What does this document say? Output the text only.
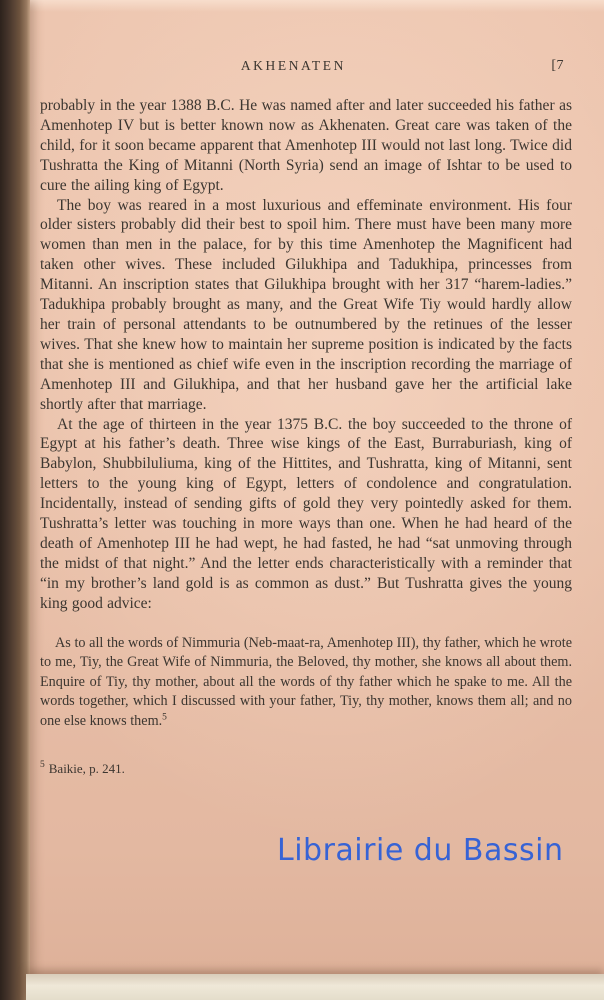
AKHENATEN	[7

probably in the year 1388 B.C. He was named after and later succeeded his father as Amenhotep IV but is better known now as Akhenaten. Great care was taken of the child, for it soon became apparent that Amenhotep III would not last long. Twice did Tushratta the King of Mitanni (North Syria) send an image of Ishtar to be used to cure the ailing king of Egypt.

The boy was reared in a most luxurious and effeminate environment. His four older sisters probably did their best to spoil him. There must have been many more women than men in the palace, for by this time Amenhotep the Magnificent had taken other wives. These included Gilukhipa and Tadukhipa, princesses from Mitanni. An inscription states that Gilukhipa brought with her 317 “harem-ladies.” Tadukhipa probably brought as many, and the Great Wife Tiy would hardly allow her train of personal attendants to be outnumbered by the retinues of the lesser wives. That she knew how to maintain her supreme position is indicated by the facts that she is mentioned as chief wife even in the inscription recording the marriage of Amenhotep III and Gilukhipa, and that her husband gave her the artificial lake shortly after that marriage.

At the age of thirteen in the year 1375 B.C. the boy succeeded to the throne of Egypt at his father’s death. Three wise kings of the East, Burraburiash, king of Babylon, Shubbiluliuma, king of the Hittites, and Tushratta, king of Mitanni, sent letters to the young king of Egypt, letters of condolence and congratulation. Incidentally, instead of sending gifts of gold they very pointedly asked for them. Tushratta’s letter was touching in more ways than one. When he had heard of the death of Amenhotep III he had wept, he had fasted, he had “sat unmoving through the midst of that night.” And the letter ends characteristically with a reminder that “in my brother’s land gold is as common as dust.” But Tushratta gives the young king good advice:

As to all the words of Nimmuria (Neb-maat-ra, Amenhotep III), thy father, which he wrote to me, Tiy, the Great Wife of Nimmuria, the Beloved, thy mother, she knows all about them. Enquire of Tiy, thy mother, about all the words of thy father which he spake to me. All the words together, which I discussed with your father, Tiy, thy mother, knows them all; and no one else knows them.$^5$
$^5$ Baikie, p. 241.
Librairie du Bassin
